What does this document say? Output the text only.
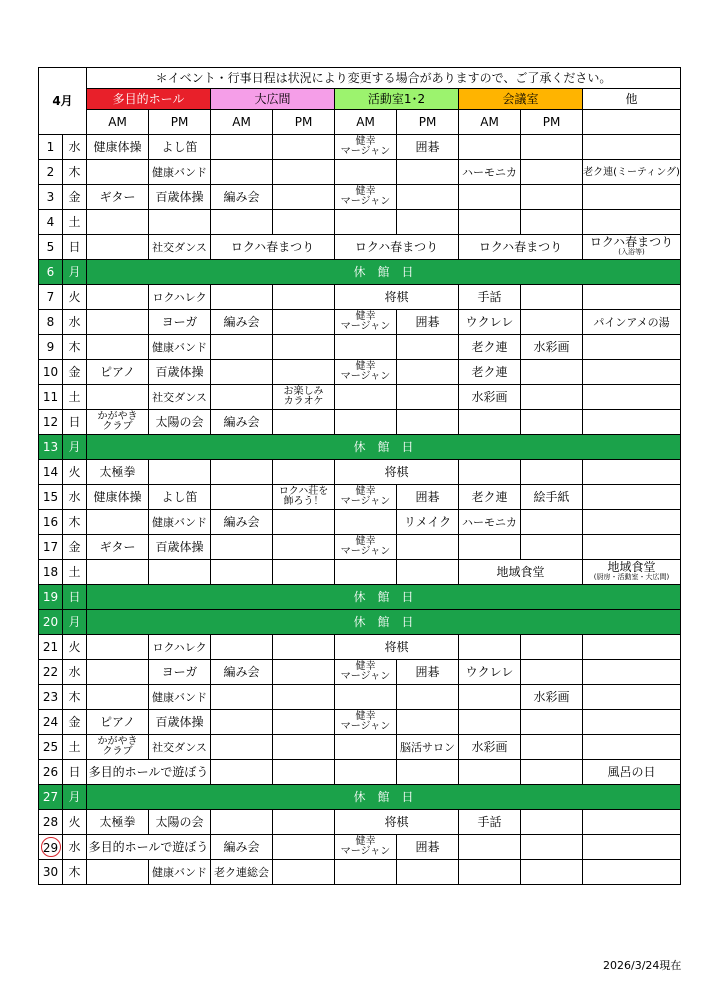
4月		＊イベント・行事日程は状況により変更する場合がありますので、ご了承ください。								
		多目的ホール		大広間		活動室1･2		会議室		他
		AM	PM	AM	PM	AM	PM	AM	PM	
1	水	健康体操	よし笛			健幸
マージャン	囲碁			
2	木		健康バンド					ハーモニカ		老ク連(ミーティング)
3	金	ギター	百歳体操	編み会		健幸
マージャン				

4	土									
5	日		社交ダンス	ロクハ春まつり		ロクハ春まつり		ロクハ春まつり		ロクハ春まつり
(入浴等)

6	月	休　館　日								
7	火		ロクハレク			将棋		手話		
8	水		ヨーガ	編み会		健幸
マージャン	囲碁	ウクレレ		パインアメの湯
9	木		健康バンド					老ク連	水彩画	
10	金	ピアノ	百歳体操			健幸
マージャン		老ク連		
11	土		社交ダンス		お楽しみ
カラオケ			水彩画		
12	日	かがやき
クラブ	太陽の会	編み会						
13	月	休　館　日								
14	火	太極拳				将棋				
15	水	健康体操	よし笛		ロクハ荘を
飾ろう！	健幸
マージャン	囲碁	老ク連	絵手紙	
16	木		健康バンド	編み会			リメイク	ハーモニカ		
17	金	ギター	百歳体操			健幸
マージャン				

18	土							地域食堂		地域食堂
(厨房・活動室・大広間)

19	日	休　館　日								
20	月	休　館　日								
21	火		ロクハレク			将棋				
22	水		ヨーガ	編み会		健幸
マージャン	囲碁	ウクレレ		
23	木		健康バンド						水彩画	
24	金	ピアノ	百歳体操			健幸
マージャン				

25	土	かがやき
クラブ	社交ダンス				脳活サロン	水彩画		
26	日	多目的ホールで遊ぼう								風呂の日
27	月	休　館　日								
28	火	太極拳	太陽の会			将棋		手話		
29	水	多目的ホールで遊ぼう		編み会		健幸
マージャン	囲碁			
30	木		健康バンド	老ク連総会						
2026/3/24現在
